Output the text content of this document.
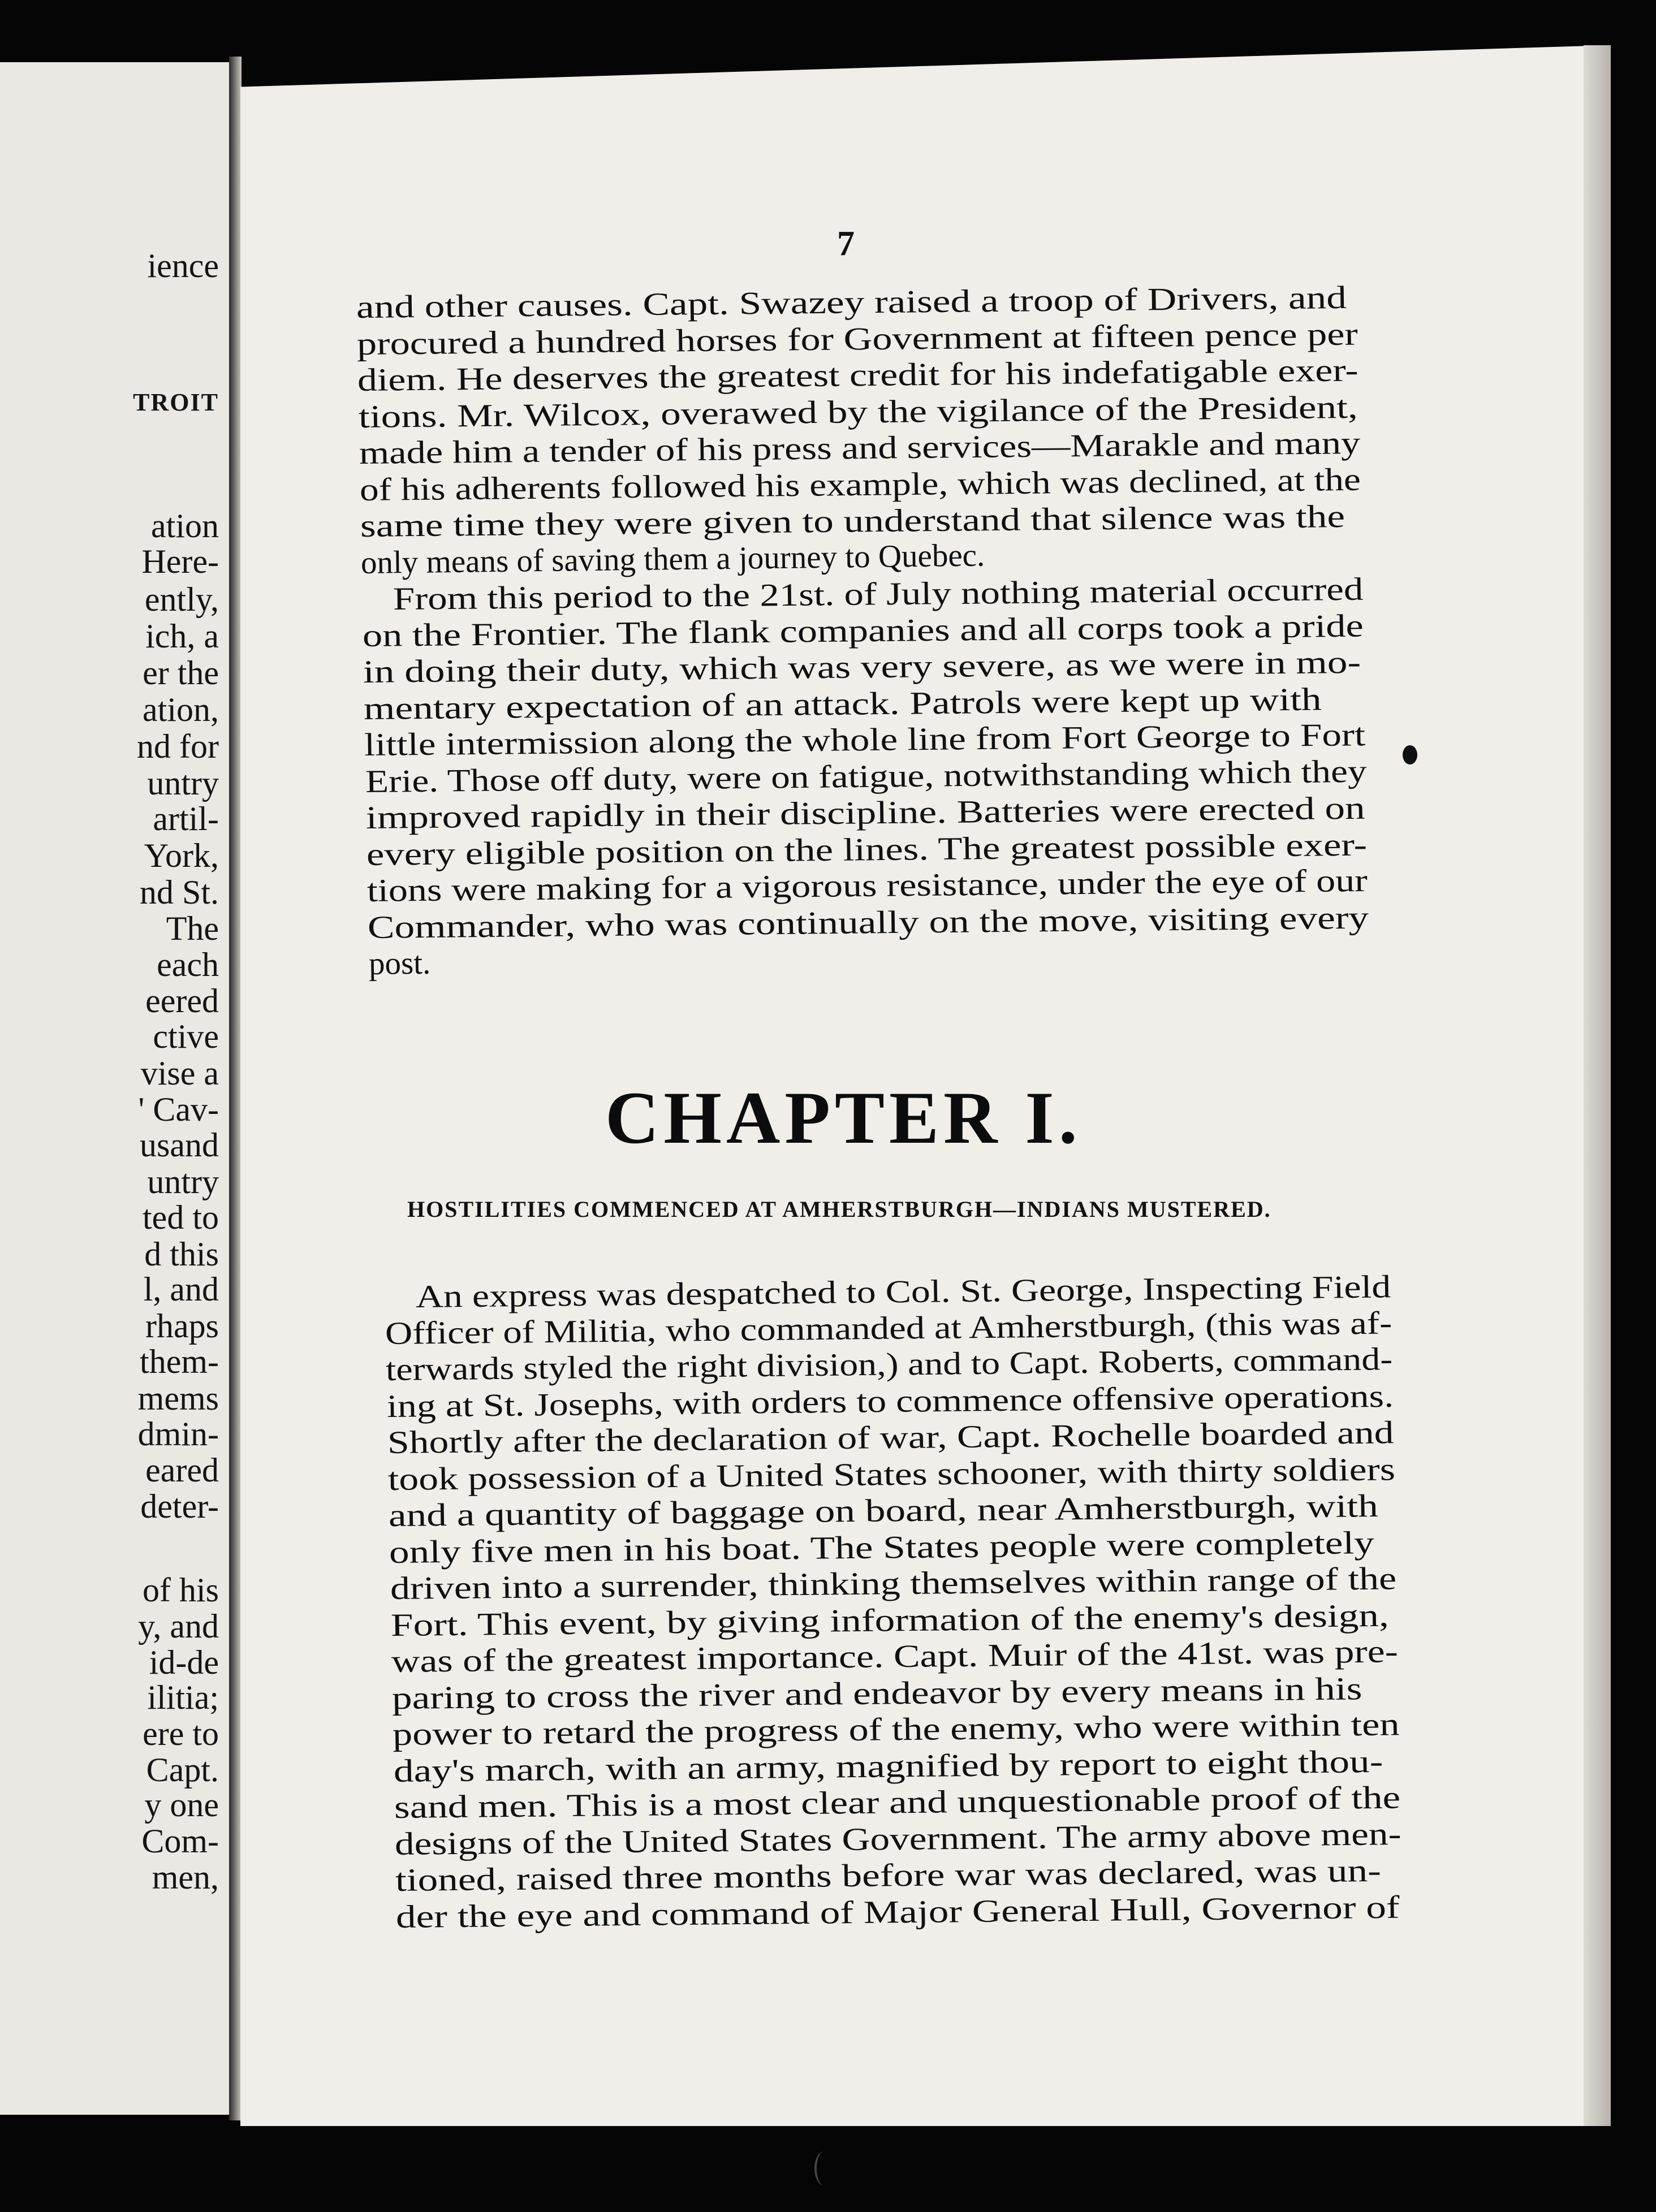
ience
TROIT
ation
Here-
ently,
ich, a
er the
ation,
nd for
untry
artil-
York,
nd St.
The
each
eered
ctive
vise a
' Cav-
usand
untry
ted to
d this
l, and
rhaps
them-
mems
dmin-
eared
deter-
of his
y, and
id-de
ilitia;
ere to
Capt.
y one
Com-
men,
7
and other causes. Capt. Swazey raised a troop of Drivers, and
procured a hundred horses for Government at fifteen pence per
diem. He deserves the greatest credit for his indefatigable exer-
tions. Mr. Wilcox, overawed by the vigilance of the President,
made him a tender of his press and services—Marakle and many
of his adherents followed his example, which was declined, at the
same time they were given to understand that silence was the
only means of saving them a journey to Quebec.
From this period to the 21st. of July nothing material occurred
on the Frontier. The flank companies and all corps took a pride
in doing their duty, which was very severe, as we were in mo-
mentary expectation of an attack. Patrols were kept up with
little intermission along the whole line from Fort George to Fort
Erie. Those off duty, were on fatigue, notwithstanding which they
improved rapidly in their discipline. Batteries were erected on
every eligible position on the lines. The greatest possible exer-
tions were making for a vigorous resistance, under the eye of our
Commander, who was continually on the move, visiting every
post.
CHAPTER I.
HOSTILITIES COMMENCED AT AMHERSTBURGH—INDIANS MUSTERED.
An express was despatched to Col. St. George, Inspecting Field
Officer of Militia, who commanded at Amherstburgh, (this was af-
terwards styled the right division,) and to Capt. Roberts, command-
ing at St. Josephs, with orders to commence offensive operations.
Shortly after the declaration of war, Capt. Rochelle boarded and
took possession of a United States schooner, with thirty soldiers
and a quantity of baggage on board, near Amherstburgh, with
only five men in his boat. The States people were completely
driven into a surrender, thinking themselves within range of the
Fort. This event, by giving information of the enemy's design,
was of the greatest importance. Capt. Muir of the 41st. was pre-
paring to cross the river and endeavor by every means in his
power to retard the progress of the enemy, who were within ten
day's march, with an army, magnified by report to eight thou-
sand men. This is a most clear and unquestionable proof of the
designs of the United States Government. The army above men-
tioned, raised three months before war was declared, was un-
der the eye and command of Major General Hull, Governor of
